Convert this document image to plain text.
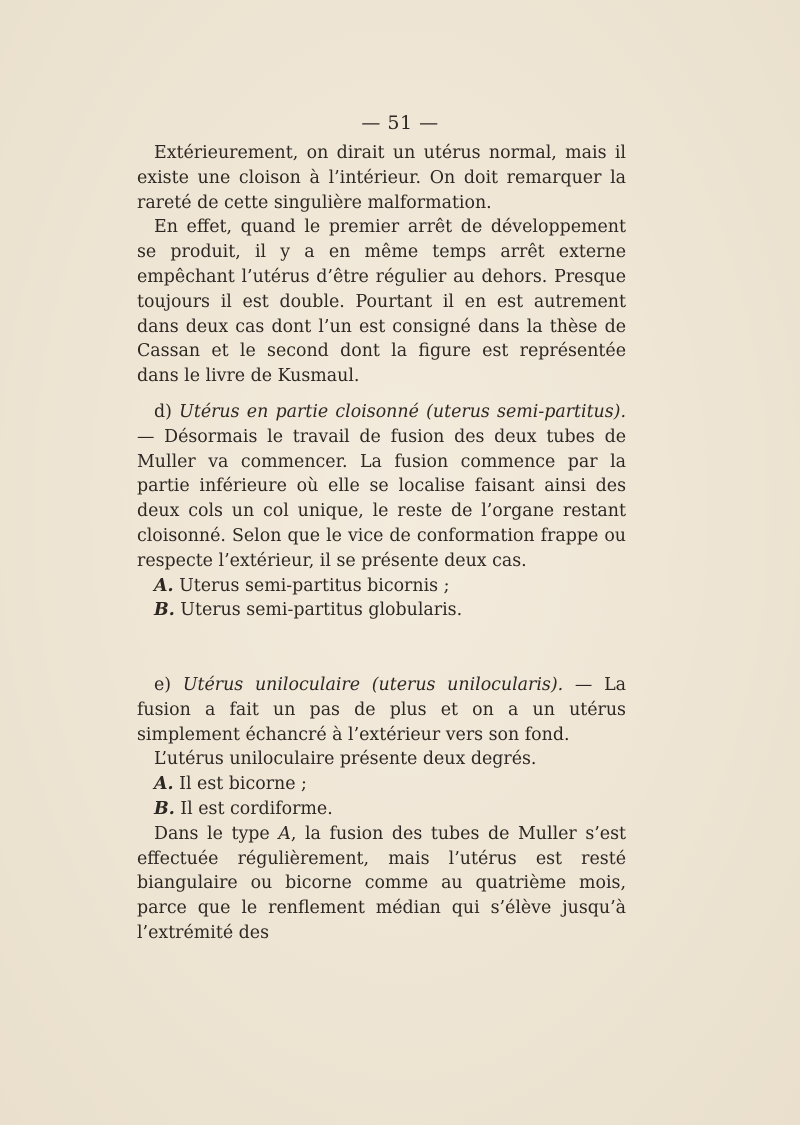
— 51 —

Extérieurement, on dirait un utérus normal, mais il existe une cloison à l’intérieur. On doit remarquer la rareté de cette singulière malformation.

En effet, quand le premier arrêt de développement se produit, il y a en même temps arrêt externe empêchant l’utérus d’être régulier au dehors. Presque toujours il est double. Pourtant il en est autrement dans deux cas dont l’un est consigné dans la thèse de Cassan et le second dont la figure est représentée dans le livre de Kusmaul.

d) Utérus en partie cloisonné (uterus semi-partitus). — Désormais le travail de fusion des deux tubes de Muller va commencer. La fusion commence par la partie inférieure où elle se localise faisant ainsi des deux cols un col unique, le reste de l’organe restant cloisonné. Selon que le vice de conformation frappe ou respecte l’extérieur, il se présente deux cas.

A. Uterus semi-partitus bicornis ;

B. Uterus semi-partitus globularis.

e) Utérus uniloculaire (uterus unilocularis). — La fusion a fait un pas de plus et on a un utérus simplement échancré à l’extérieur vers son fond.

L’utérus uniloculaire présente deux degrés.

A. Il est bicorne ;

B. Il est cordiforme.

Dans le type A, la fusion des tubes de Muller s’est effectuée régulièrement, mais l’utérus est resté biangulaire ou bicorne comme au quatrième mois, parce que le renflement médian qui s’élève jusqu’à l’extrémité des
